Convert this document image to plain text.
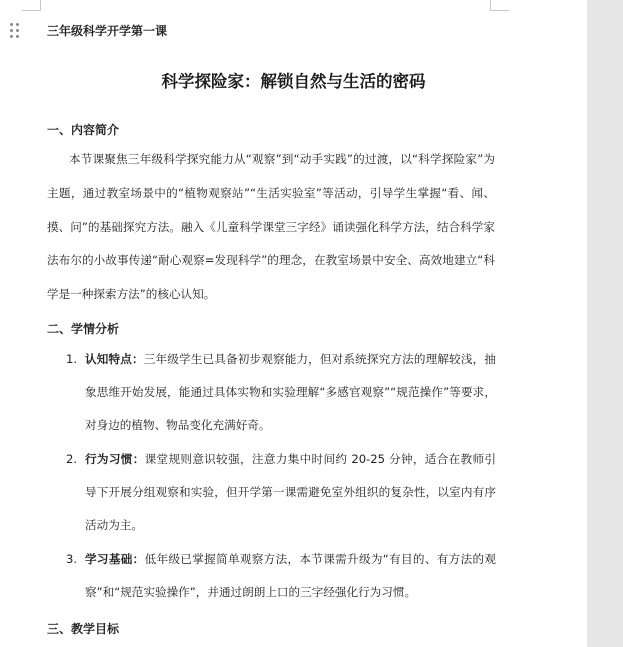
三年级科学开学第一课
科学探险家：解锁自然与生活的密码
一、内容简介

本节课聚焦三年级科学探究能力从“观察”到“动手实践”的过渡，以“科学探险家”为主题，通过教室场景中的“植物观察站”“生活实验室”等活动，引导学生掌握“看、闻、摸、问”的基础探究方法。融入《儿童科学课堂三字经》诵读强化科学方法，结合科学家法布尔的小故事传递“耐心观察=发现科学”的理念，在教室场景中安全、高效地建立“科学是一种探索方法”的核心认知。

二、学情分析
1. 认知特点：三年级学生已具备初步观察能力，但对系统探究方法的理解较浅，抽象思维开始发展，能通过具体实物和实验理解“多感官观察”“规范操作”等要求，对身边的植物、物品变化充满好奇。
2. 行为习惯：课堂规则意识较强，注意力集中时间约 20-25 分钟，适合在教师引导下开展分组观察和实验，但开学第一课需避免室外组织的复杂性，以室内有序活动为主。
3. 学习基础：低年级已掌握简单观察方法，本节课需升级为“有目的、有方法的观察”和“规范实验操作”，并通过朗朗上口的三字经强化行为习惯。
三、教学目标
